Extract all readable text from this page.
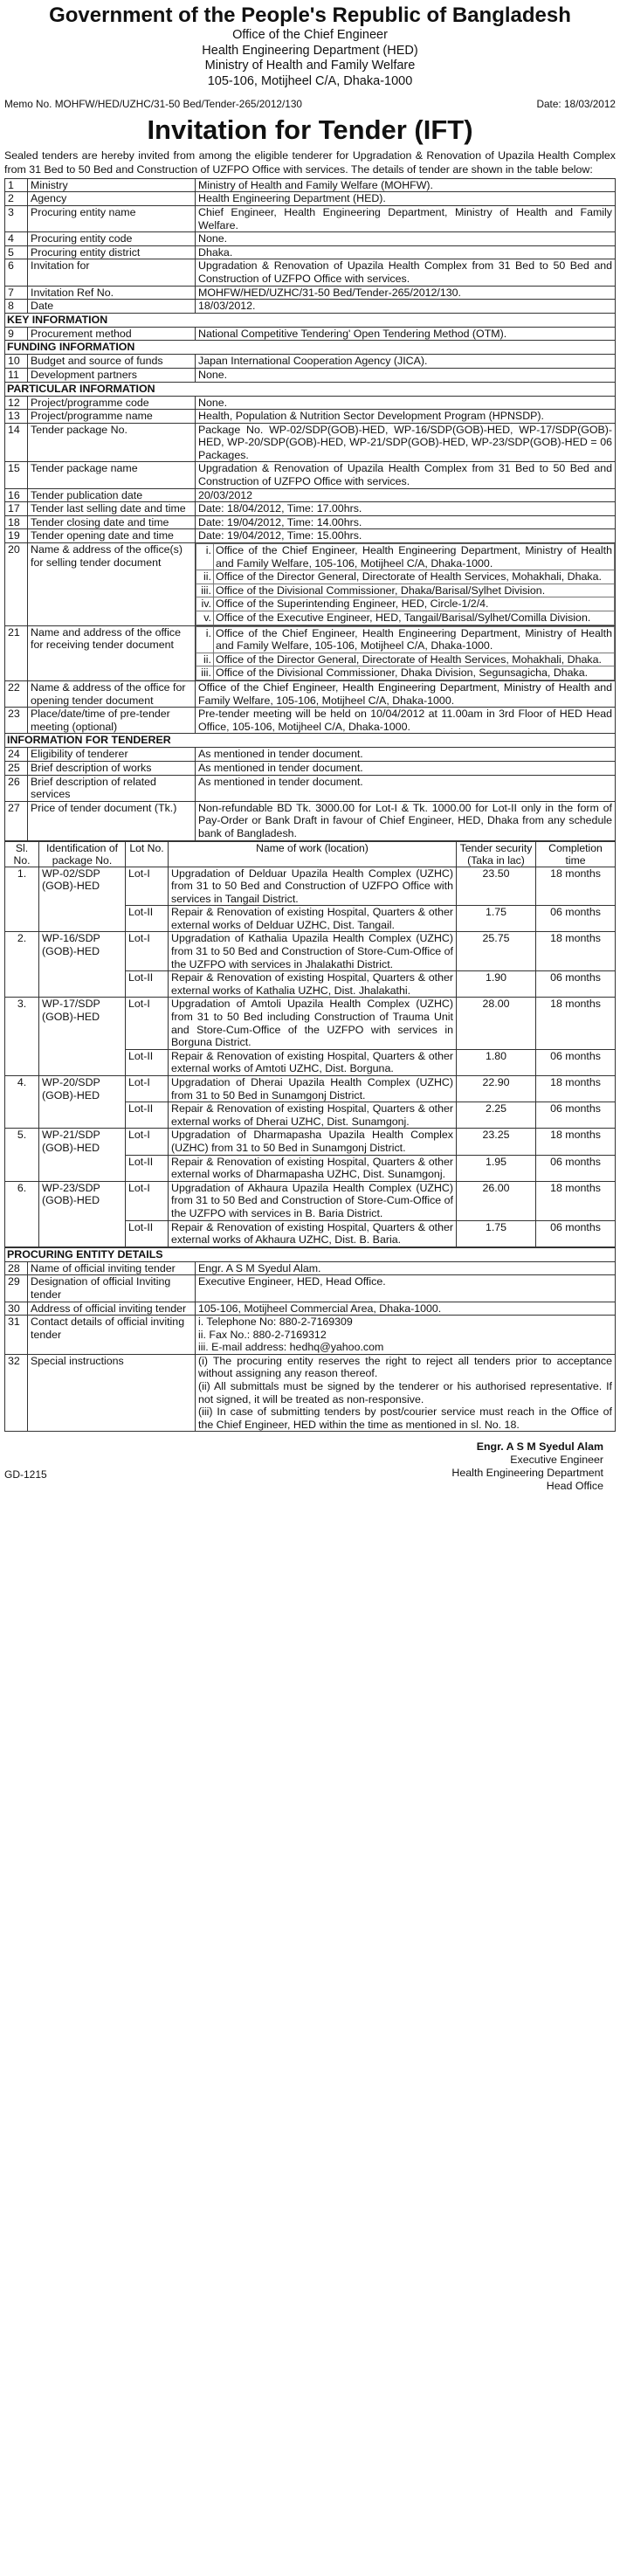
Government of the People's Republic of Bangladesh
Office of the Chief Engineer
Health Engineering Department (HED)
Ministry of Health and Family Welfare
105-106, Motijheel C/A, Dhaka-1000
Memo No. MOHFW/HED/UZHC/31-50 Bed/Tender-265/2012/130	Date: 18/03/2012
Invitation for Tender (IFT)
Sealed tenders are hereby invited from among the eligible tenderer for Upgradation & Renovation of Upazila Health Complex from 31 Bed to 50 Bed and Construction of UZFPO Office with services. The details of tender are shown in the table below:
1	Ministry	Ministry of Health and Family Welfare (MOHFW).
2	Agency	Health Engineering Department (HED).
3	Procuring entity name	Chief Engineer, Health Engineering Department, Ministry of Health and Family Welfare.
4	Procuring entity code	None.
5	Procuring entity district	Dhaka.
6	Invitation for	Upgradation & Renovation of Upazila Health Complex from 31 Bed to 50 Bed and Construction of UZFPO Office with services.
7	Invitation Ref No.	MOHFW/HED/UZHC/31-50 Bed/Tender-265/2012/130.
8	Date	18/03/2012.
KEY INFORMATION
9	Procurement method	National Competitive Tendering' Open Tendering Method (OTM).
FUNDING INFORMATION
10	Budget and source of funds	Japan International Cooperation Agency (JICA).
11	Development partners	None.
PARTICULAR INFORMATION
12	Project/programme code	None.
13	Project/programme name	Health, Population & Nutrition Sector Development Program (HPNSDP).
14	Tender package No.	Package No. WP-02/SDP(GOB)-HED, WP-16/SDP(GOB)-HED, WP-17/SDP(GOB)-HED, WP-20/SDP(GOB)-HED, WP-21/SDP(GOB)-HED, WP-23/SDP(GOB)-HED = 06 Packages.
15	Tender package name	Upgradation & Renovation of Upazila Health Complex from 31 Bed to 50 Bed and Construction of UZFPO Office with services.
16	Tender publication date	20/03/2012
17	Tender last selling date and time	Date: 18/04/2012, Time: 17.00hrs.
18	Tender closing date and time	Date: 19/04/2012, Time: 14.00hrs.
19	Tender opening date and time	Date: 19/04/2012, Time: 15.00hrs.
20	Name & address of the office(s) for selling tender document	
i.	Office of the Chief Engineer, Health Engineering Department, Ministry of Health and Family Welfare, 105-106, Motijheel C/A, Dhaka-1000.
ii.	Office of the Director General, Directorate of Health Services, Mohakhali, Dhaka.
iii.	Office of the Divisional Commissioner, Dhaka/Barisal/Sylhet Division.
iv.	Office of the Superintending Engineer, HED, Circle-1/2/4.
v.	Office of the Executive Engineer, HED, Tangail/Barisal/Sylhet/Comilla Division.

21	Name and address of the office for receiving tender document	
i.	Office of the Chief Engineer, Health Engineering Department, Ministry of Health and Family Welfare, 105-106, Motijheel C/A, Dhaka-1000.
ii.	Office of the Director General, Directorate of Health Services, Mohakhali, Dhaka.
iii.	Office of the Divisional Commissioner, Dhaka Division, Segunsagicha, Dhaka.

22	Name & address of the office for opening tender document	Office of the Chief Engineer, Health Engineering Department, Ministry of Health and Family Welfare, 105-106, Motijheel C/A, Dhaka-1000.
23	Place/date/time of pre-tender meeting (optional)	Pre-tender meeting will be held on 10/04/2012 at 11.00am in 3rd Floor of HED Head Office, 105-106, Motijheel C/A, Dhaka-1000.
INFORMATION FOR TENDERER
24	Eligibility of tenderer	As mentioned in tender document.
25	Brief description of works	As mentioned in tender document.
26	Brief description of related services	As mentioned in tender document.
27	Price of tender document (Tk.)	Non-refundable BD Tk. 3000.00 for Lot-I & Tk. 1000.00 for Lot-II only in the form of Pay-Order or Bank Draft in favour of Chief Engineer, HED, Dhaka from any schedule bank of Bangladesh.
Sl. No.	Identification of package No.	Lot No.	Name of work (location)	Tender security (Taka in lac)	Completion time
1.	WP-02/SDP (GOB)-HED	Lot-I	Upgradation of Delduar Upazila Health Complex (UZHC) from 31 to 50 Bed and Construction of UZFPO Office with services in Tangail District.	23.50	18 months
		Lot-II	Repair & Renovation of existing Hospital, Quarters & other external works of Delduar UZHC, Dist. Tangail.	1.75	06 months
2.	WP-16/SDP (GOB)-HED	Lot-I	Upgradation of Kathalia Upazila Health Complex (UZHC) from 31 to 50 Bed and Construction of Store-Cum-Office of the UZFPO with services in Jhalakathi District.	25.75	18 months
		Lot-II	Repair & Renovation of existing Hospital, Quarters & other external works of Kathalia UZHC, Dist. Jhalakathi.	1.90	06 months
3.	WP-17/SDP (GOB)-HED	Lot-I	Upgradation of Amtoli Upazila Health Complex (UZHC) from 31 to 50 Bed including Construction of Trauma Unit and Store-Cum-Office of the UZFPO with services in Borguna District.	28.00	18 months
		Lot-II	Repair & Renovation of existing Hospital, Quarters & other external works of Amtoti UZHC, Dist. Borguna.	1.80	06 months
4.	WP-20/SDP (GOB)-HED	Lot-I	Upgradation of Dherai Upazila Health Complex (UZHC) from 31 to 50 Bed in Sunamgonj District.	22.90	18 months
		Lot-II	Repair & Renovation of existing Hospital, Quarters & other external works of Dherai UZHC, Dist. Sunamgonj.	2.25	06 months
5.	WP-21/SDP (GOB)-HED	Lot-I	Upgradation of Dharmapasha Upazila Health Complex (UZHC) from 31 to 50 Bed in Sunamgonj District.	23.25	18 months
		Lot-II	Repair & Renovation of existing Hospital, Quarters & other external works of Dharmapasha UZHC, Dist. Sunamgonj.	1.95	06 months
6.	WP-23/SDP (GOB)-HED	Lot-I	Upgradation of Akhaura Upazila Health Complex (UZHC) from 31 to 50 Bed and Construction of Store-Cum-Office of the UZFPO with services in B. Baria District.	26.00	18 months
		Lot-II	Repair & Renovation of existing Hospital, Quarters & other external works of Akhaura UZHC, Dist. B. Baria.	1.75	06 months
PROCURING ENTITY DETAILS		
28	Name of official inviting tender	Engr. A S M Syedul Alam.
29	Designation of official Inviting tender	Executive Engineer, HED, Head Office.
30	Address of official inviting tender	105-106, Motijheel Commercial Area, Dhaka-1000.
31	Contact details of official inviting tender	i. Telephone No: 880-2-7169309
ii. Fax No.: 880-2-7169312
iii. E-mail address: hedhq@yahoo.com

32	Special instructions	(i) The procuring entity reserves the right to reject all tenders prior to acceptance without assigning any reason thereof.
(ii) All submittals must be signed by the tenderer or his authorised representative. If not signed, it will be treated as non-responsive.
(iii) In case of submitting tenders by post/courier service must reach in the Office of the Chief Engineer, HED within the time as mentioned in sl. No. 18.
Engr. A S M Syedul Alam
Executive Engineer
Health Engineering Department
Head Office
GD-1215
